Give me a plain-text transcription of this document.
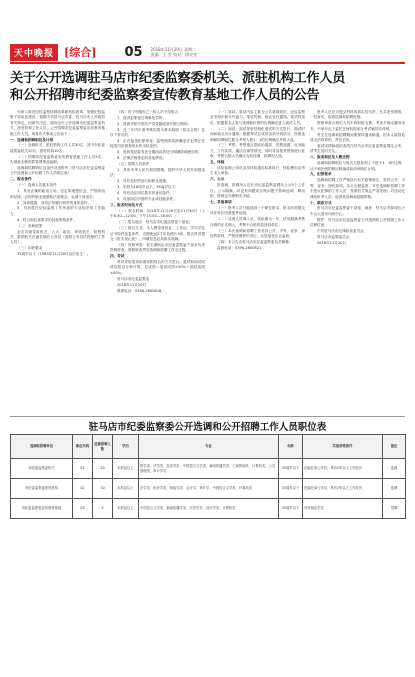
天中晚报 [综合] 05 2018年11月20日 星期二
责编：王 莹 校对：徐亮亮
关于公开选调驻马店市纪委监察委机关、派驻机构工作人员
和公开招聘市纪委监察委宣传教育基地工作人员的公告

为深入推进纪检监察体制改革和机构改革，加强纪检监察干部队伍建设，根据中共驻马店市委、驻马店市人民政府有关规定，经研究决定，面向全市公开选调市纪委监察委机关、派驻机构工作人员，公开招聘市纪委监察委宣传教育基地工作人员。现将有关事项公告如下：

一、选调和招聘职位及计划

（一）选调机关、派驻机构工作人员30名，其中市纪委监察委机关20名、派驻机构10名；

（二）招聘市纪委监察委宣传教育基地工作人员5名，为财政全额预算管理事业编制。

选调和招聘职位及条件详见附件《驻马店市纪委监察委公开选调和公开招聘工作人员职位表》。

二、报名条件

（一）选调人员基本条件

1．具有正确的政治立场，坚定的理想信念，严格的组织纪律，良好的职业道德和法治观念，忠诚干净担当；

2．身体健康，具有正常履行职责的身体条件；

3．具有胜任纪检监察工作所需的专业知识和工作能力；

4．符合职位表要求的其他资格条件。

（二）选调范围

全市各级党政机关、人大、政协、审判机关、检察机关、群团机关在编在岗的公务员（参照公务员法管理的工作人员）。

（三）年龄要求

35周岁以下（1983年11月20日以后出生）。

（四）有下列情形之一的人员不得报名：

1．曾因犯罪受过刑事处罚的；

2．曾被开除中国共产党党籍或被开除公职的；

3．近三年内年度考核结果为基本称职（基本合格）及以下等次的；

4．正在接受纪律审查、监察调查或涉嫌违法犯罪正在接受司法调查尚未作出结论的；

5．受到党纪政务处分期间或者处分期满影响使用的；

6．法律法规规定的其他情形。

（五）招聘人员条件

1．具有中华人民共和国国籍，拥护中华人民共和国宪法；

2．具有良好的品行和职业道德；

3．年龄为18周岁以上、35周岁以下；

4．具有适应岗位要求的身体条件；

5．具备岗位所需的专业或技能条件。

三、报名时间及方式

（一）报名时间：2018年11月26日至11月30日（上午8:30—12:00，下午15:00—18:00）。

（二）报名地点：驻马店市纪委监察委干部室。

（三）报名方式：本人携带身份证、工作证、学历学位证书原件及复印件、近期免冠2寸彩色照片3张，报名时须提交《报名登记表》，所填信息必须真实准确。

（四）资格审查：报名期间由市纪委监察委干部室负责资格审查，资格审查贯穿选调和招聘工作全过程。

四、考试

考试采取笔试和面试相结合的方式进行。笔试和面试成绩均按百分制计算，总成绩＝笔试成绩×50%＋面试成绩×50%。

驻马店市纪委监察委

2018年11月20日

联系电话：0396-2600618

（一）笔试。笔试内容主要为公共基础知识、纪检监察业务知识和写作能力。笔试时间、地点另行通知。笔试结束后，根据报名人数与选调职位数的比例确定进入面试人员。

（二）面试。面试采取结构化面试的方式进行，面试时间和地点另行通知。根据考试总成绩由高分到低分，按照选调和招聘职位数与考察人数1：1的比例确定考察人选。

（三）考察。考察重点是政治素质、思想品德、业务能力、工作实绩、廉洁自律等情况，同时对其报考资格进行复审。考察合格人员确定为拟选调、拟聘用人选。

五、体检

体检参照公务员录用体检通用标准执行，体检费用由考生本人承担。

六、公示

拟选调、拟聘用人员在市纪委监察委网站公示5个工作日。公示期满，对没有问题或反映问题不影响选调、聘用的，按规定办理相关手续。

七、其他事项

（一）报考人员只能选择一个职位报名，报名时须提交所在单位同意报考证明。

（二）选调人员调入后，试用期为一年，试用期满考核合格的正式调入，考核不合格的退回原单位。

（三）本次选调和招聘工作坚持公开、平等、竞争、择优的原则，严格按照程序进行，自觉接受社会监督。

（四）本公告由驻马店市纪委监察委负责解释。

监督电话：0396-2600621

报考人员应对提交材料的真实性负责，凡弄虚作假的，一经查实，取消选调和招聘资格。

资格审查合格的人员不收取报名费，考试不指定辅导用书，不举办也不委托任何机构举办考试辅导培训班。

考生在选调和招聘期间要保持通讯畅通，因本人原因造成无法联系的，责任自负。

笔试成绩和面试成绩在驻马店市纪委监察委网站公布，请考生及时关注。

八、报名职位及人数比例

选调和招聘职位与报名人数原则上不低于1：3的比例，达不到比例的相应核减或取消该职位计划。

九、纪律要求

选调和招聘工作严格执行有关政策规定，坚持公开、平等、竞争、择优原则，实行全程监督。对在选调和招聘工作中违反纪律的工作人员，按照有关规定严肃处理；对违反纪律的报考人员，取消其选调和招聘资格。

十、联系方式

驻马店市纪委监察委干部室，地址：驻马店市驿城区天中山大道市行政中心。

附件：驻马店市纪委监察委公开选调和公开招聘工作人员职位表

中共驻马店市纪律检查委员会

驻马店市监察委员会

2018年11月20日

驻马店市纪委监察委公开选调和公开招聘工作人员职位表
选调和招聘单位	职位代码	选调招聘人数	学历	专业	年龄	其他资格条件	备注
市纪委监察委机关	01	20	本科及以上	哲学类、法学类、经济学类、中国语言文学类、新闻传播学类、工商管理类、计算机类、公共管理类、审计学类	35周岁以下	在编在岗公务员，具有2年以上工作经历	选调
市纪委监察委派驻机构	02	10	本科及以上	法学类、经济学类、财政学类、会计学、审计学、中国语言文学类、计算机类	35周岁以下	在编在岗公务员，具有2年以上工作经历	选调
市纪委监察委宣传教育基地	03	5	本科及以上	中国语言文学类、新闻传播学类、历史学类、设计学类、计算机类	35周岁以下	具有相应学位	招聘
